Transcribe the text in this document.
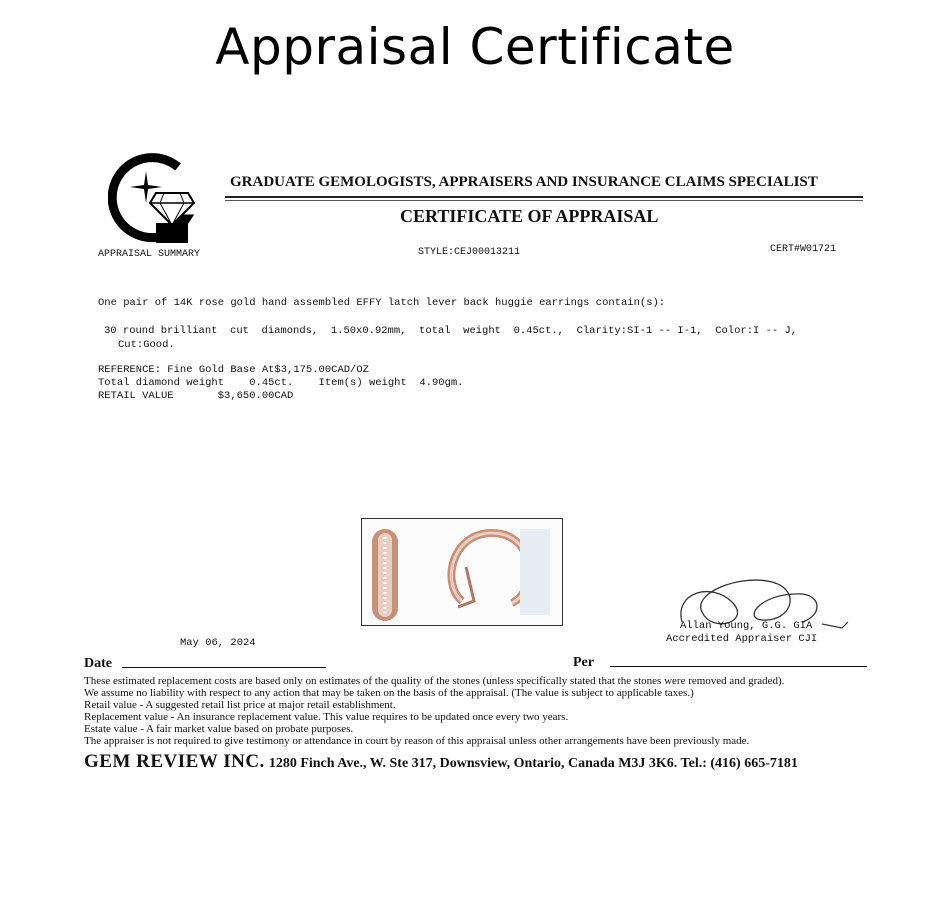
Appraisal Certificate
GRADUATE GEMOLOGISTS, APPRAISERS AND INSURANCE CLAIMS SPECIALIST
CERTIFICATE OF APPRAISAL
APPRAISAL SUMMARY	STYLE:CEJ00013211	CERT#W01721
One pair of 14K rose gold hand assembled EFFY latch lever back huggie earrings contain(s):
30 round brilliant  cut  diamonds,  1.50x0.92mm,  total  weight  0.45ct.,  Clarity:SI-1 -- I-1,  Color:I -- J,
Cut:Good.
REFERENCE: Fine Gold Base At$3,175.00CAD/OZ
Total diamond weight    0.45ct.    Item(s) weight  4.90gm.
RETAIL VALUE       $3,650.00CAD
May 06, 2024
Allan Young, G.G. GIA
Accredited Appraiser CJI
Date	Per
These estimated replacement costs are based only on estimates of the quality of the stones (unless specifically stated that the stones were removed and graded).
We assume no liability with respect to any action that may be taken on the basis of the appraisal. (The value is subject to applicable taxes.)
Retail value - A suggested retail list price at major retail establishment.
Replacement value - An insurance replacement value. This value requires to be updated once every two years.
Estate value - A fair market value based on probate purposes.
The appraiser is not required to give testimony or attendance in court by reason of this appraisal unless other arrangements have been previously made.
GEM REVIEW INC. 1280 Finch Ave., W. Ste 317, Downsview, Ontario, Canada M3J 3K6. Tel.: (416) 665-7181
